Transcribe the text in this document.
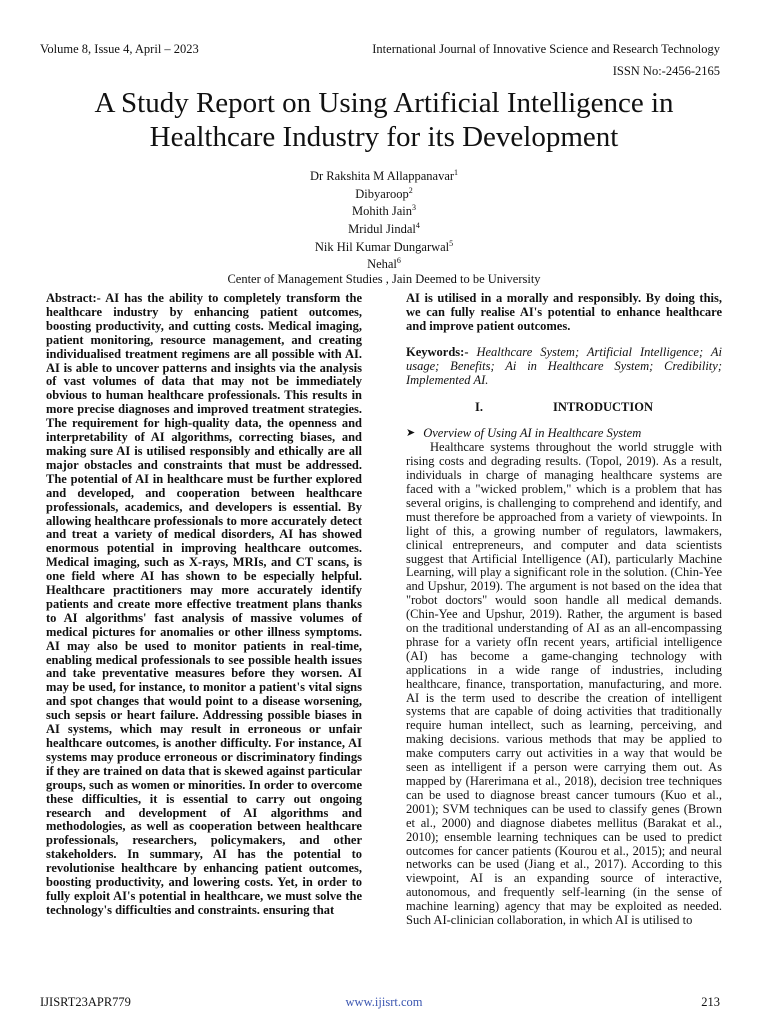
Volume 8, Issue 4, April – 2023	International Journal of Innovative Science and Research Technology
ISSN No:-2456-2165
A Study Report on Using Artificial Intelligence in Healthcare Industry for its Development
Dr Rakshita M Allappanavar$^1$
Dibyaroop$^2$
Mohith Jain$^3$
Mridul Jindal$^4$
Nik Hil Kumar Dungarwal$^5$
Nehal$^6$
Center of Management Studies , Jain Deemed to be University

Abstract:- AI has the ability to completely transform the healthcare industry by enhancing patient outcomes, boosting productivity, and cutting costs. Medical imaging, patient monitoring, resource management, and creating individualised treatment regimens are all possible with AI. AI is able to uncover patterns and insights via the analysis of vast volumes of data that may not be immediately obvious to human healthcare professionals. This results in more precise diagnoses and improved treatment strategies. The requirement for high-quality data, the openness and interpretability of AI algorithms, correcting biases, and making sure AI is utilised responsibly and ethically are all major obstacles and constraints that must be addressed. The potential of AI in healthcare must be further explored and developed, and cooperation between healthcare professionals, academics, and developers is essential. By allowing healthcare professionals to more accurately detect and treat a variety of medical disorders, AI has showed enormous potential in improving healthcare outcomes. Medical imaging, such as X-rays, MRIs, and CT scans, is one field where AI has shown to be especially helpful. Healthcare practitioners may more accurately identify patients and create more effective treatment plans thanks to AI algorithms' fast analysis of massive volumes of medical pictures for anomalies or other illness symptoms. AI may also be used to monitor patients in real-time, enabling medical professionals to see possible health issues and take preventative measures before they worsen. AI may be used, for instance, to monitor a patient's vital signs and spot changes that would point to a disease worsening, such sepsis or heart failure. Addressing possible biases in AI systems, which may result in erroneous or unfair healthcare outcomes, is another difficulty. For instance, AI systems may produce erroneous or discriminatory findings if they are trained on data that is skewed against particular groups, such as women or minorities. In order to overcome these difficulties, it is essential to carry out ongoing research and development of AI algorithms and methodologies, as well as cooperation between healthcare professionals, researchers, policymakers, and other stakeholders. In summary, AI has the potential to revolutionise healthcare by enhancing patient outcomes, boosting productivity, and lowering costs. Yet, in order to fully exploit AI's potential in healthcare, we must solve the technology's difficulties and constraints. ensuring that

AI is utilised in a morally and responsibly. By doing this, we can fully realise AI's potential to enhance healthcare and improve patient outcomes.

Keywords:- Healthcare System; Artificial Intelligence; Ai usage; Benefits; Ai in Healthcare System; Credibility; Implemented AI.

I.	INTRODUCTION
➤ Overview of Using AI in Healthcare System

Healthcare systems throughout the world struggle with rising costs and degrading results. (Topol, 2019). As a result, individuals in charge of managing healthcare systems are faced with a "wicked problem," which is a problem that has several origins, is challenging to comprehend and identify, and must therefore be approached from a variety of viewpoints. In light of this, a growing number of regulators, lawmakers, clinical entrepreneurs, and computer and data scientists suggest that Artificial Intelligence (AI), particularly Machine Learning, will play a significant role in the solution. (Chin-Yee and Upshur, 2019). The argument is not based on the idea that "robot doctors" would soon handle all medical demands. (Chin-Yee and Upshur, 2019). Rather, the argument is based on the traditional understanding of AI as an all-encompassing phrase for a variety ofIn recent years, artificial intelligence (AI) has become a game-changing technology with applications in a wide range of industries, including healthcare, finance, transportation, manufacturing, and more. AI is the term used to describe the creation of intelligent systems that are capable of doing activities that traditionally require human intellect, such as learning, perceiving, and making decisions. various methods that may be applied to make computers carry out activities in a way that would be seen as intelligent if a person were carrying them out. As mapped by (Harerimana et al., 2018), decision tree techniques can be used to diagnose breast cancer tumours (Kuo et al., 2001); SVM techniques can be used to classify genes (Brown et al., 2000) and diagnose diabetes mellitus (Barakat et al., 2010); ensemble learning techniques can be used to predict outcomes for cancer patients (Kourou et al., 2015); and neural networks can be used (Jiang et al., 2017). According to this viewpoint, AI is an expanding source of interactive, autonomous, and frequently self-learning (in the sense of machine learning) agency that may be exploited as needed. Such AI-clinician collaboration, in which AI is utilised to

IJISRT23APR779	www.ijisrt.com	213
